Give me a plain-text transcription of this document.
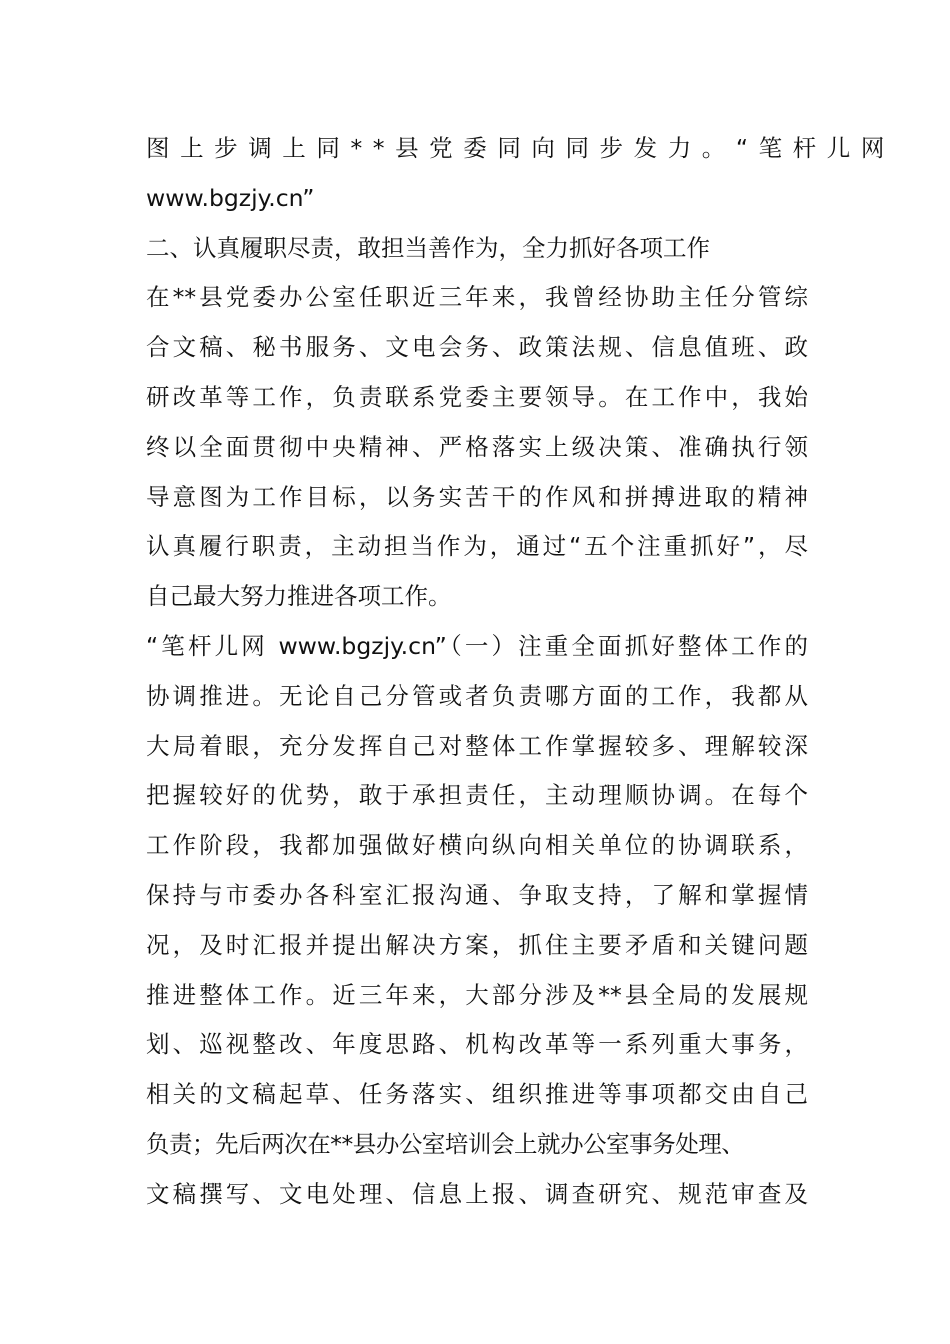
图上步调上同**县党委同向同步发力。“笔杆儿网
www.bgzjy.cn”
二、认真履职尽责，敢担当善作为，全力抓好各项工作
在**县党委办公室任职近三年来，我曾经协助主任分管综
合文稿、秘书服务、文电会务、政策法规、信息值班、政
研改革等工作，负责联系党委主要领导。在工作中，我始
终以全面贯彻中央精神、严格落实上级决策、准确执行领
导意图为工作目标，以务实苦干的作风和拼搏进取的精神
认真履行职责，主动担当作为，通过“五个注重抓好”，尽
自己最大努力推进各项工作。
“笔杆儿网 www.bgzjy.cn”（一）注重全面抓好整体工作的
协调推进。无论自己分管或者负责哪方面的工作，我都从
大局着眼，充分发挥自己对整体工作掌握较多、理解较深
把握较好的优势，敢于承担责任，主动理顺协调。在每个
工作阶段，我都加强做好横向纵向相关单位的协调联系，
保持与市委办各科室汇报沟通、争取支持，了解和掌握情
况，及时汇报并提出解决方案，抓住主要矛盾和关键问题
推进整体工作。近三年来，大部分涉及**县全局的发展规
划、巡视整改、年度思路、机构改革等一系列重大事务，
相关的文稿起草、任务落实、组织推进等事项都交由自己
负责；先后两次在**县办公室培训会上就办公室事务处理、
文稿撰写、文电处理、信息上报、调查研究、规范审查及
